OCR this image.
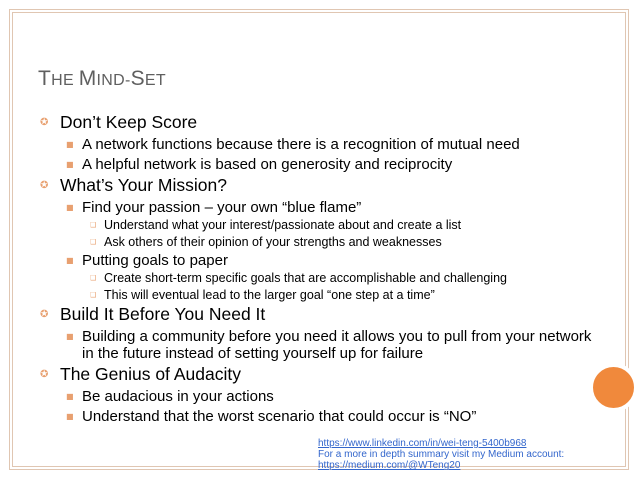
THE MIND-SET
✪ Don’t Keep Score
■ A network functions because there is a recognition of mutual need
■ A helpful network is based on generosity and reciprocity
✪ What’s Your Mission?
■ Find your passion – your own “blue flame”
❑ Understand what your interest/passionate about and create a list
❑ Ask others of their opinion of your strengths and weaknesses
■ Putting goals to paper
❑ Create short-term specific goals that are accomplishable and challenging
❑ This will eventual lead to the larger goal “one step at a time”
✪ Build It Before You Need It
■ Building a community before you need it allows you to pull from your network in the future instead of setting yourself up for failure
✪ The Genius of Audacity
■ Be audacious in your actions
■ Understand that the worst scenario that could occur is “NO”
https://www.linkedin.com/in/wei-teng-5400b968
For a more in depth summary visit my Medium account:
https://medium.com/@WTeng20
